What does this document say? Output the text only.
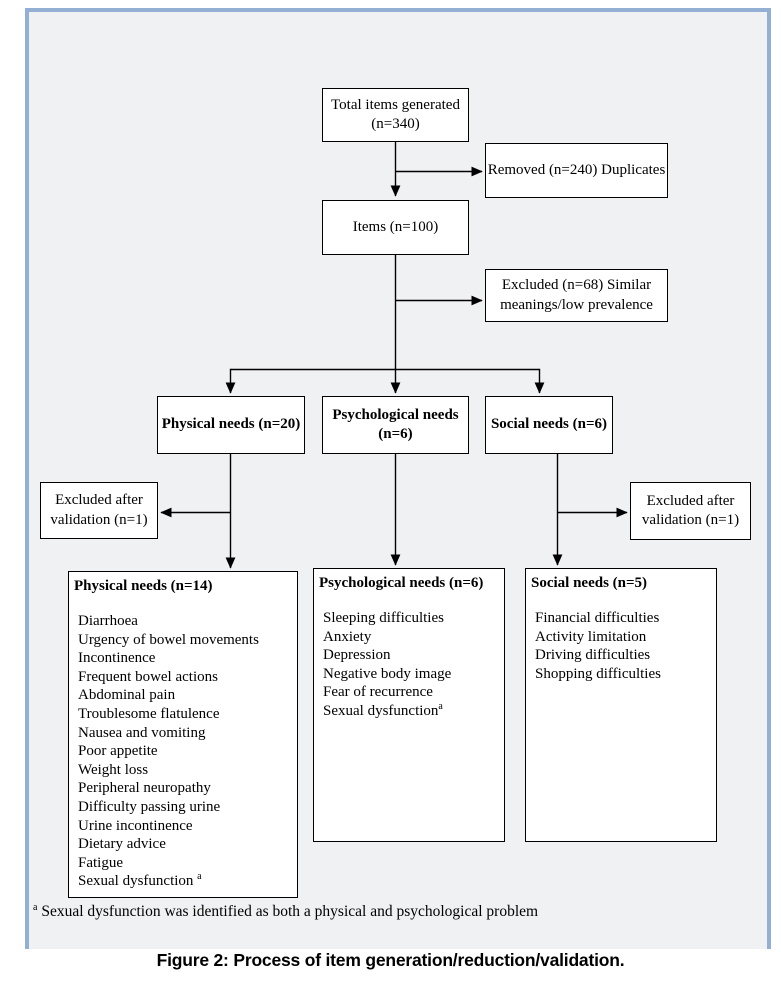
Total items generated
(n=340)
Removed (n=240) Duplicates
Items (n=100)
Excluded (n=68) Similar
meanings/low prevalence
Physical needs (n=20)
Psychological needs
(n=6)
Social needs (n=6)
Excluded after
validation (n=1)
Excluded after
validation (n=1)
Physical needs (n=14)
Diarrhoea
Urgency of bowel movements
Incontinence
Frequent bowel actions
Abdominal pain
Troublesome flatulence
Nausea and vomiting
Poor appetite
Weight loss
Peripheral neuropathy
Difficulty passing urine
Urine incontinence
Dietary advice
Fatigue
Sexual dysfunction $^a$
Psychological needs (n=6)
Sleeping difficulties
Anxiety
Depression
Negative body image
Fear of recurrence
Sexual dysfunction$^a$
Social needs (n=5)
Financial difficulties
Activity limitation
Driving difficulties
Shopping difficulties
$^a$ Sexual dysfunction was identified as both a physical and psychological problem
Figure 2: Process of item generation/reduction/validation.
